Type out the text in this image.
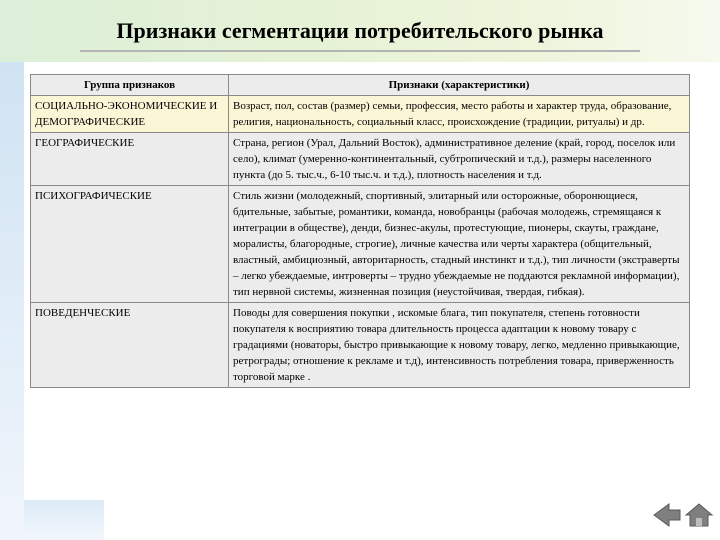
Признаки сегментации потребительского рынка
Группа признаков	Признаки (характеристики)
СОЦИАЛЬНО-ЭКОНОМИЧЕСКИЕ И ДЕМОГРАФИЧЕСКИЕ	Возраст, пол, состав (размер) семьи, профессия, место работы и характер труда, образование, религия, национальность, социальный класс, происхождение (традиции, ритуалы) и др.
ГЕОГРАФИЧЕСКИЕ	Страна, регион (Урал, Дальний Восток), административное деление (край, город, поселок или село), климат (умеренно-континентальный, субтропический и т.д.), размеры населенного пункта (до 5. тыс.ч., 6-10 тыс.ч. и т.д.), плотность населения и т.д.
ПСИХОГРАФИЧЕСКИЕ	Стиль жизни (молодежный, спортивный, элитарный или осторожные, оборонющиеся, бдительные, забытые, романтики, команда, новобранцы (рабочая молодежь, стремящаяся к интеграции в обществе), денди, бизнес-акулы, протестующие, пионеры, скауты, граждане, моралисты, благородные, строгие), личные качества или черты характера (общительный, властный, амбициозный, авторитарность, стадный инстинкт и т.д.), тип личности (экстраверты – легко убеждаемые, интроверты – трудно убеждаемые не поддаются рекламной информации), тип нервной системы, жизненная позиция (неустойчивая, твердая, гибкая).
ПОВЕДЕНЧЕСКИЕ	Поводы для совершения покупки , искомые блага, тип покупателя, степень готовности покупателя к восприятию товара длительность процесса адаптации к новому товару с градациями (новаторы, быстро привыкающие к новому товару, легко, медленно привыкающие, ретрограды; отношение к рекламе и т.д), интенсивность потребления товара, приверженность торговой марке .
